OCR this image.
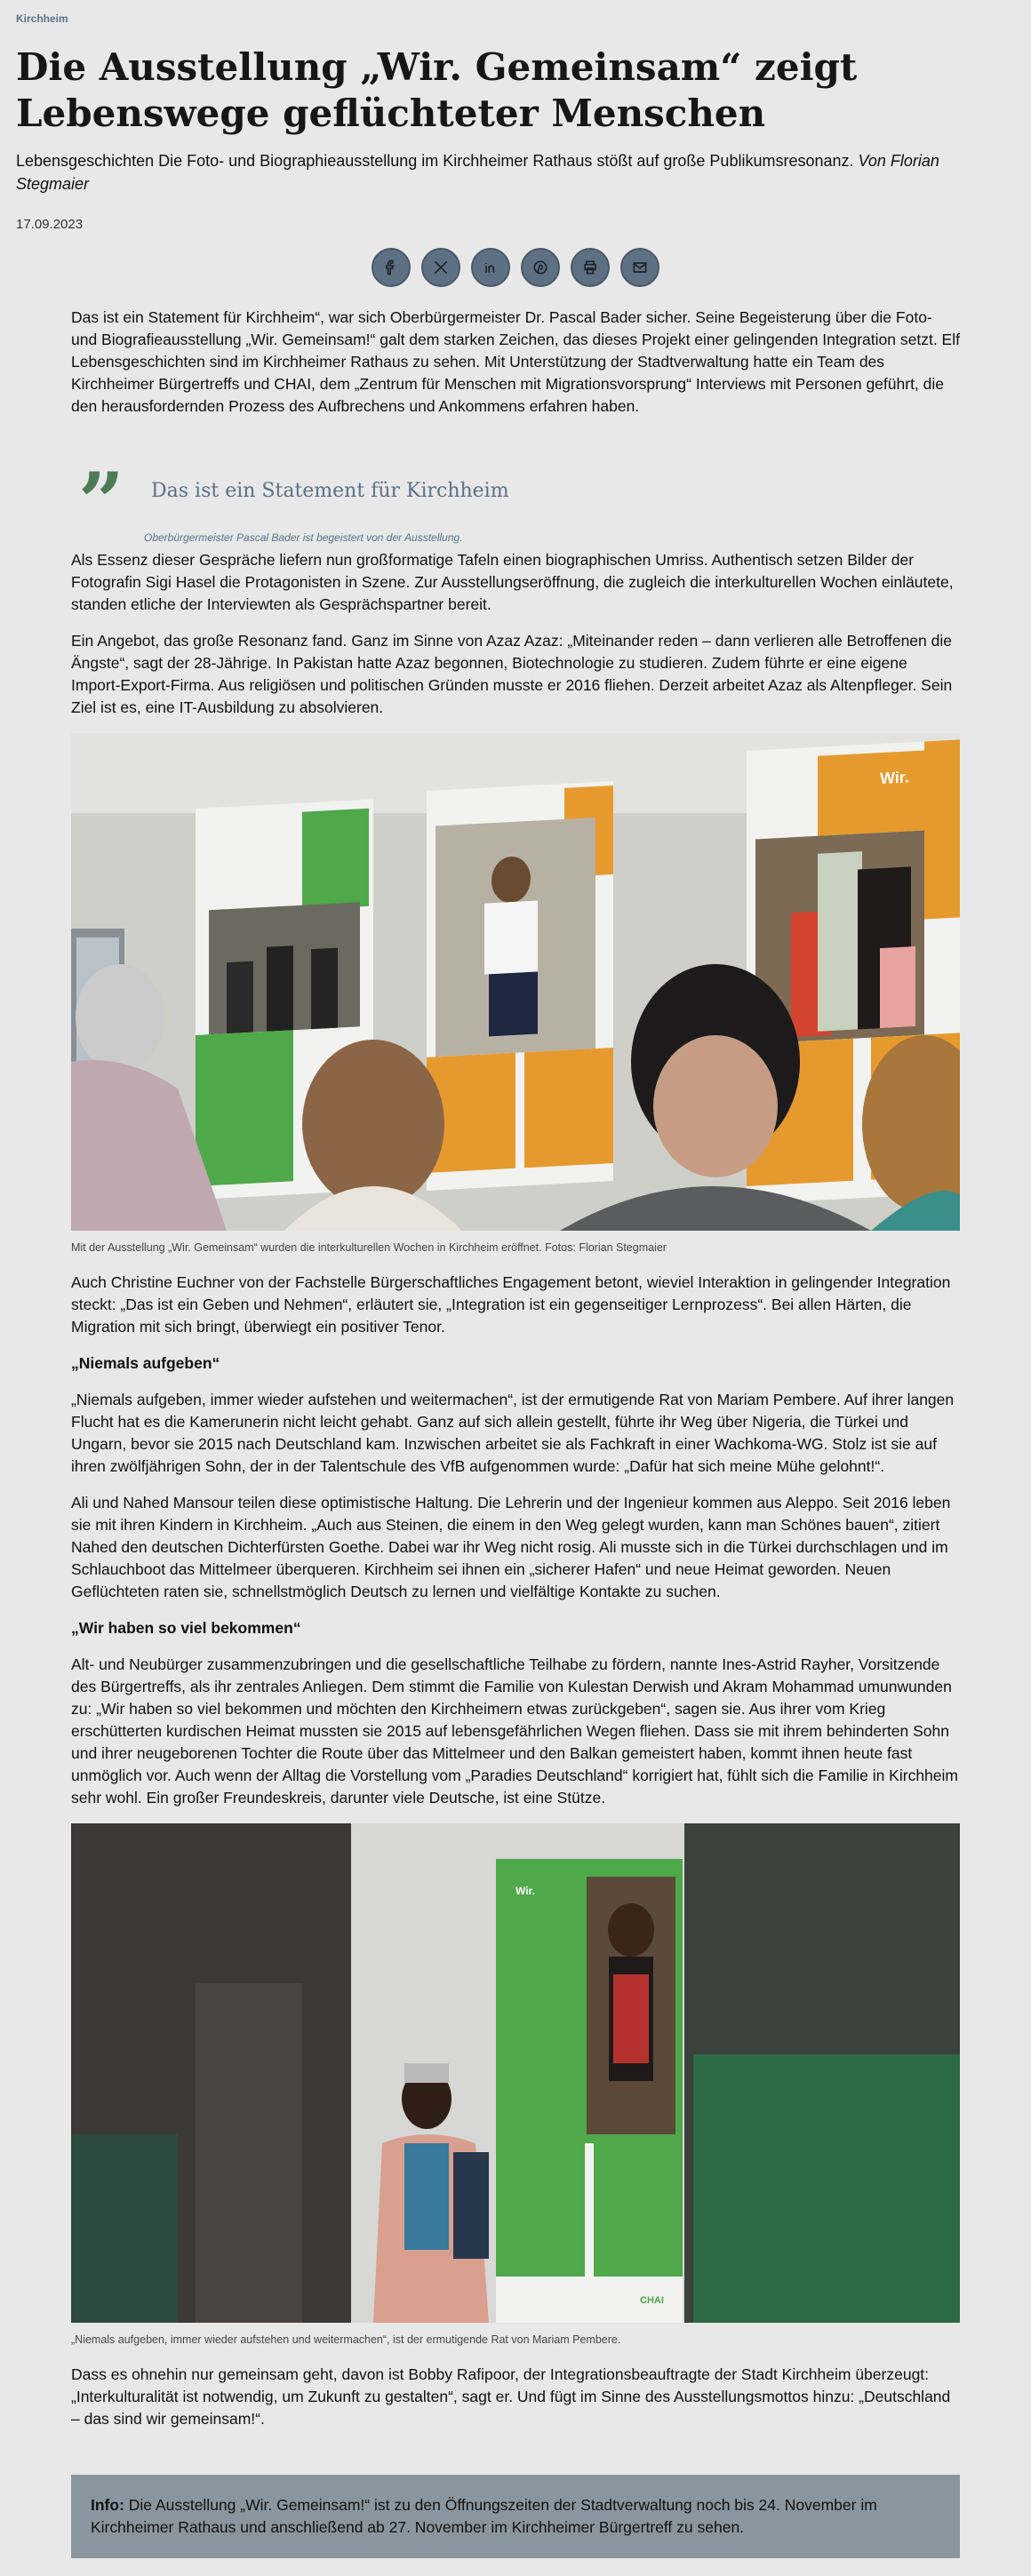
Kirchheim
Die Ausstellung „Wir. Gemeinsam“ zeigt Lebenswege geflüchteter Menschen
Lebensgeschichten Die Foto- und Biographieausstellung im Kirchheimer Rathaus stößt auf große Publikumsresonanz. Von Florian Stegmaier
17.09.2023

Das ist ein Statement für Kirchheim“, war sich Oberbürgermeister Dr. Pascal Bader sicher. Seine Begeisterung über die Foto- und Biografieausstellung „Wir. Gemeinsam!“ galt dem starken Zeichen, das dieses Projekt einer gelingenden Integration setzt. Elf Lebensgeschichten sind im Kirchheimer Rathaus zu sehen. Mit Unterstützung der Stadtverwaltung hatte ein Team des Kirchheimer Bürgertreffs und CHAI, dem „Zentrum für Menschen mit Migrationsvorsprung“ Interviews mit Personen geführt, die den herausfordernden Prozess des Aufbrechens und Ankommens erfahren haben.

”	Das ist ein Statement für Kirchheim
Oberbürgermeister Pascal Bader ist begeistert von der Ausstellung.

Als Essenz dieser Gespräche liefern nun großformatige Tafeln einen biographischen Umriss. Authentisch setzen Bilder der Fotografin Sigi Hasel die Protagonisten in Szene. Zur Ausstellungseröffnung, die zugleich die interkulturellen Wochen einläutete, standen etliche der Interviewten als Gesprächspartner bereit.

Ein Angebot, das große Resonanz fand. Ganz im Sinne von Azaz Azaz: „Miteinander reden – dann verlieren alle Betroffenen die Ängste“, sagt der 28-Jährige. In Pakistan hatte Azaz begonnen, Biotechnologie zu studieren. Zudem führte er eine eigene Import-Export-Firma. Aus religiösen und politischen Gründen musste er 2016 fliehen. Derzeit arbeitet Azaz als Altenpfleger. Sein Ziel ist es, eine IT-Ausbildung zu absolvieren.

Wir.
Mit der Ausstellung „Wir. Gemeinsam“ wurden die interkulturellen Wochen in Kirchheim eröffnet. Fotos: Florian Stegmaier

Auch Christine Euchner von der Fachstelle Bürgerschaftliches Engagement betont, wieviel Interaktion in gelingender Integration steckt: „Das ist ein Geben und Nehmen“, erläutert sie, „Integration ist ein gegenseitiger Lernprozess“. Bei allen Härten, die Migration mit sich bringt, überwiegt ein positiver Tenor.

„Niemals aufgeben“

„Niemals aufgeben, immer wieder aufstehen und weitermachen“, ist der ermutigende Rat von Mariam Pembere. Auf ihrer langen Flucht hat es die Kamerunerin nicht leicht gehabt. Ganz auf sich allein gestellt, führte ihr Weg über Nigeria, die Türkei und Ungarn, bevor sie 2015 nach Deutschland kam. Inzwischen arbeitet sie als Fachkraft in einer Wachkoma-WG. Stolz ist sie auf ihren zwölfjährigen Sohn, der in der Talentschule des VfB aufgenommen wurde: „Dafür hat sich meine Mühe gelohnt!“.

Ali und Nahed Mansour teilen diese optimistische Haltung. Die Lehrerin und der Ingenieur kommen aus Aleppo. Seit 2016 leben sie mit ihren Kindern in Kirchheim. „Auch aus Steinen, die einem in den Weg gelegt wurden, kann man Schönes bauen“, zitiert Nahed den deutschen Dichterfürsten Goethe. Dabei war ihr Weg nicht rosig. Ali musste sich in die Türkei durchschlagen und im Schlauchboot das Mittelmeer überqueren. Kirchheim sei ihnen ein „sicherer Hafen“ und neue Heimat geworden. Neuen Geflüchteten raten sie, schnellstmöglich Deutsch zu lernen und vielfältige Kontakte zu suchen.

„Wir haben so viel bekommen“

Alt- und Neubürger zusammenzubringen und die gesellschaftliche Teilhabe zu fördern, nannte Ines-Astrid Rayher, Vorsitzende des Bürgertreffs, als ihr zentrales Anliegen. Dem stimmt die Familie von Kulestan Derwish und Akram Mohammad umunwunden zu: „Wir haben so viel bekommen und möchten den Kirchheimern etwas zurückgeben“, sagen sie. Aus ihrer vom Krieg erschütterten kurdischen Heimat mussten sie 2015 auf lebensgefährlichen Wegen fliehen. Dass sie mit ihrem behinderten Sohn und ihrer neugeborenen Tochter die Route über das Mittelmeer und den Balkan gemeistert haben, kommt ihnen heute fast unmöglich vor. Auch wenn der Alltag die Vorstellung vom „Paradies Deutschland“ korrigiert hat, fühlt sich die Familie in Kirchheim sehr wohl. Ein großer Freundeskreis, darunter viele Deutsche, ist eine Stütze.

Wir.
CHAI
„Niemals aufgeben, immer wieder aufstehen und weitermachen“, ist der ermutigende Rat von Mariam Pembere.

Dass es ohnehin nur gemeinsam geht, davon ist Bobby Rafipoor, der Integrationsbeauftragte der Stadt Kirchheim überzeugt: „Interkulturalität ist notwendig, um Zukunft zu gestalten“, sagt er. Und fügt im Sinne des Ausstellungsmottos hinzu: „Deutschland – das sind wir gemeinsam!“.

Info: Die Ausstellung „Wir. Gemeinsam!“ ist zu den Öffnungszeiten der Stadtverwaltung noch bis 24. November im Kirchheimer Rathaus und anschließend ab 27. November im Kirchheimer Bürgertreff zu sehen.
